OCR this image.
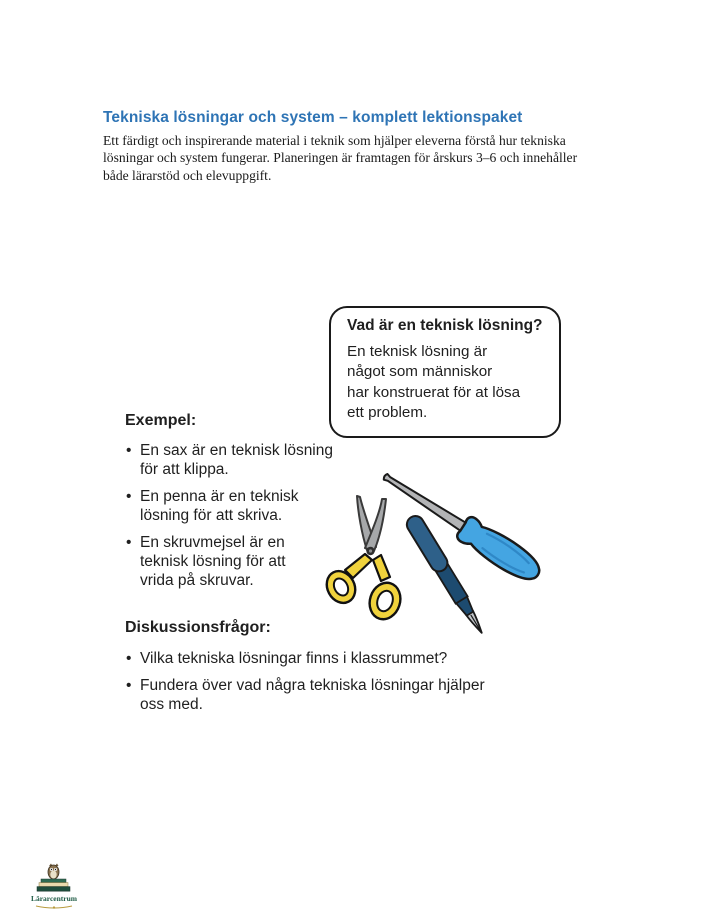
Tekniska lösningar och system – komplett lektionspaket
Ett färdigt och inspirerande material i teknik som hjälper eleverna förstå hur tekniska
lösningar och system fungerar. Planeringen är framtagen för årskurs 3–6 och innehåller
både lärarstöd och elevuppgift.
Vad är en teknisk lösning?
En teknisk lösning är
något som människor
har konstruerat för at lösa
ett problem.
Exempel:
• En sax är en teknisk lösning
för att klippa.
• En penna är en teknisk
lösning för att skriva.
• En skruvmejsel är en
teknisk lösning för att
vrida på skruvar.
Diskussionsfrågor:
• Vilka tekniska lösningar finns i klassrummet?
• Fundera över vad några tekniska lösningar hjälper
oss med.
Lärarcentrum
